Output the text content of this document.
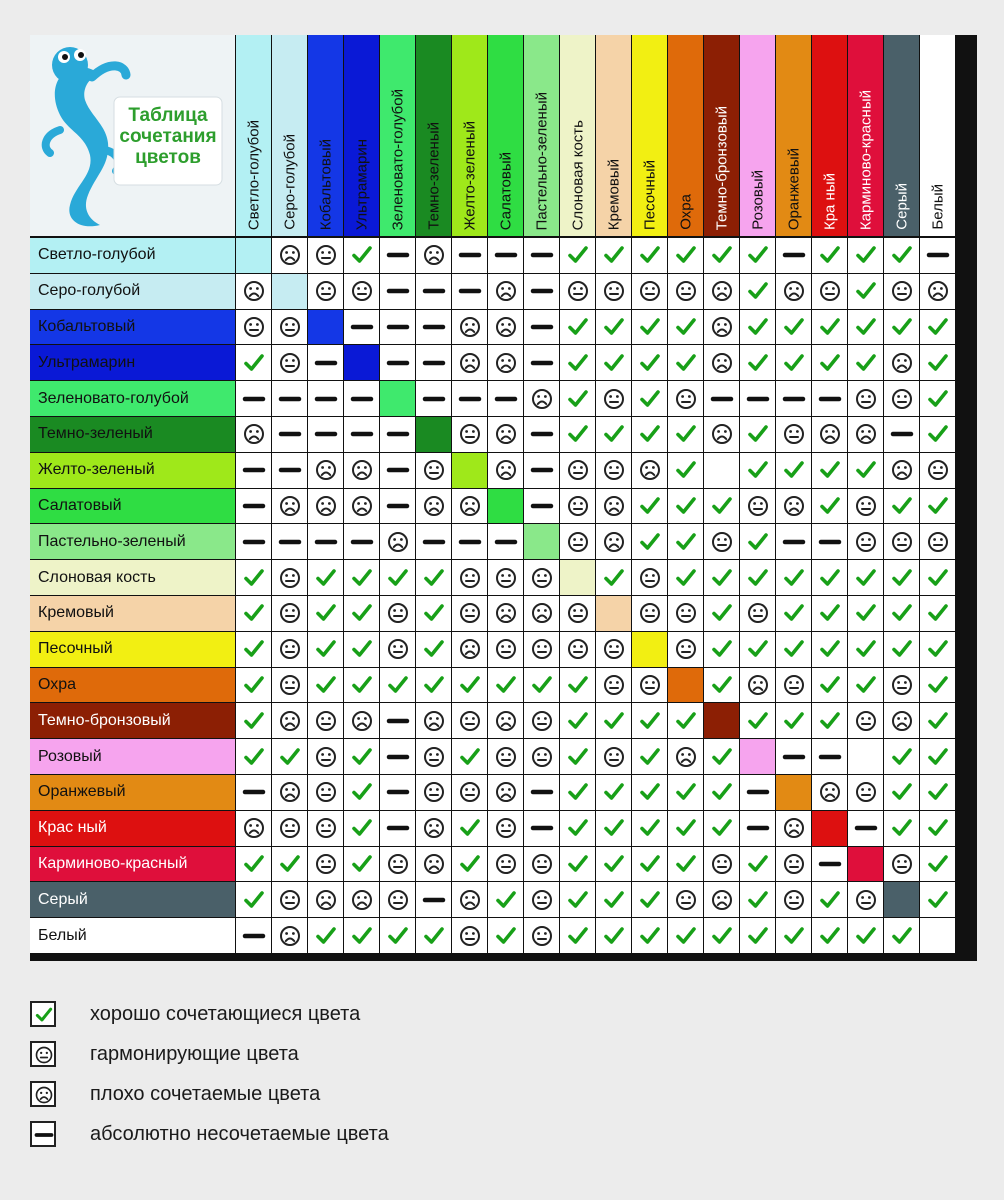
Таблица
сочетания
цветов	Светло-голубой Серо-голубой Кобальтовый Ультрамарин Зеленовато-голубой Темно-зеленый Желто-зеленый Салатовый Пастельно-зеленый Слоновая кость Кремовый Песочный Охра Темно-бронзовый Розовый Оранжевый Кра ный Карминово-красный Серый Белый
Светло-голубой
Серо-голубой
Кобальтовый
Ультрамарин
Зеленовато-голубой
Темно-зеленый
Желто-зеленый
Салатовый
Пастельно-зеленый
Слоновая кость
Кремовый
Песочный
Охра
Темно-бронзовый
Розовый
Оранжевый
Крас ный
Карминово-красный
Серый
Белый
хорошо сочетающиеся цвета
гармонирующие цвета
плохо сочетаемые цвета
абсолютно несочетаемые цвета
